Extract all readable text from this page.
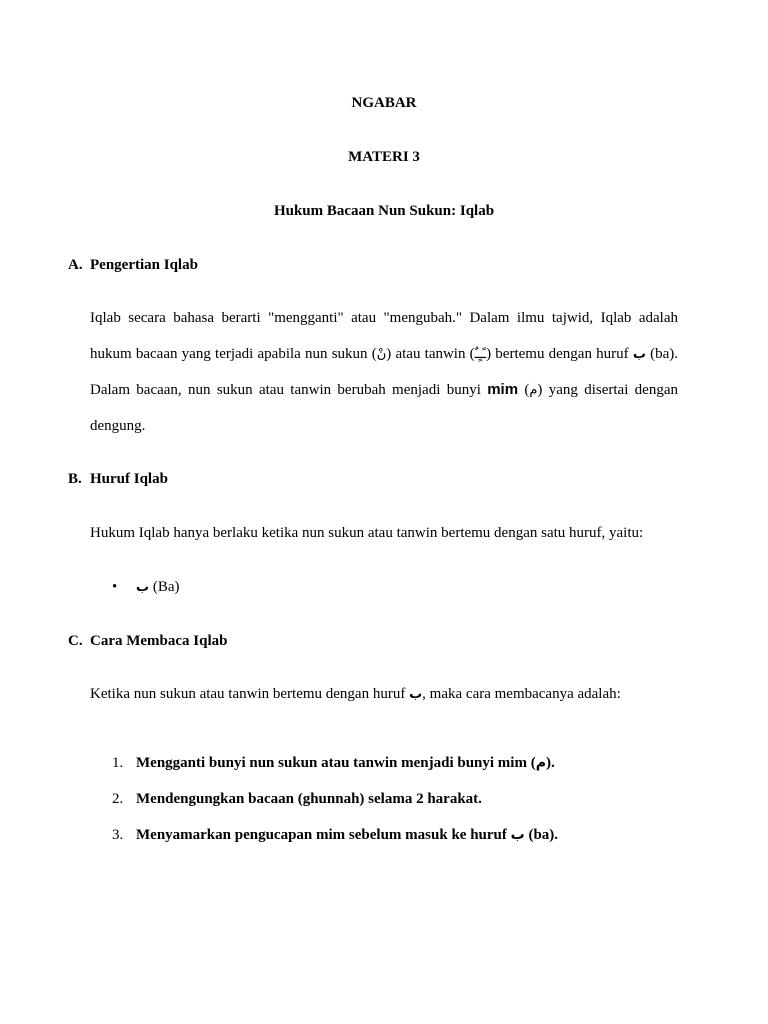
NGABAR

MATERI 3

Hukum Bacaan Nun Sukun: Iqlab

A. Pengertian Iqlab

Iqlab secara bahasa berarti "mengganti" atau "mengubah." Dalam ilmu tajwid, Iqlab adalah hukum bacaan yang terjadi apabila nun sukun (نْ) atau tanwin (ـًـٍـٌ) bertemu dengan huruf ب (ba). Dalam bacaan, nun sukun atau tanwin berubah menjadi bunyi mim (م) yang disertai dengan dengung.

B. Huruf Iqlab

Hukum Iqlab hanya berlaku ketika nun sukun atau tanwin bertemu dengan satu huruf, yaitu:

• ب (Ba)

C. Cara Membaca Iqlab

Ketika nun sukun atau tanwin bertemu dengan huruf ب, maka cara membacanya adalah:

1. Mengganti bunyi nun sukun atau tanwin menjadi bunyi mim (م).

2. Mendengungkan bacaan (ghunnah) selama 2 harakat.

3. Menyamarkan pengucapan mim sebelum masuk ke huruf ب (ba).
